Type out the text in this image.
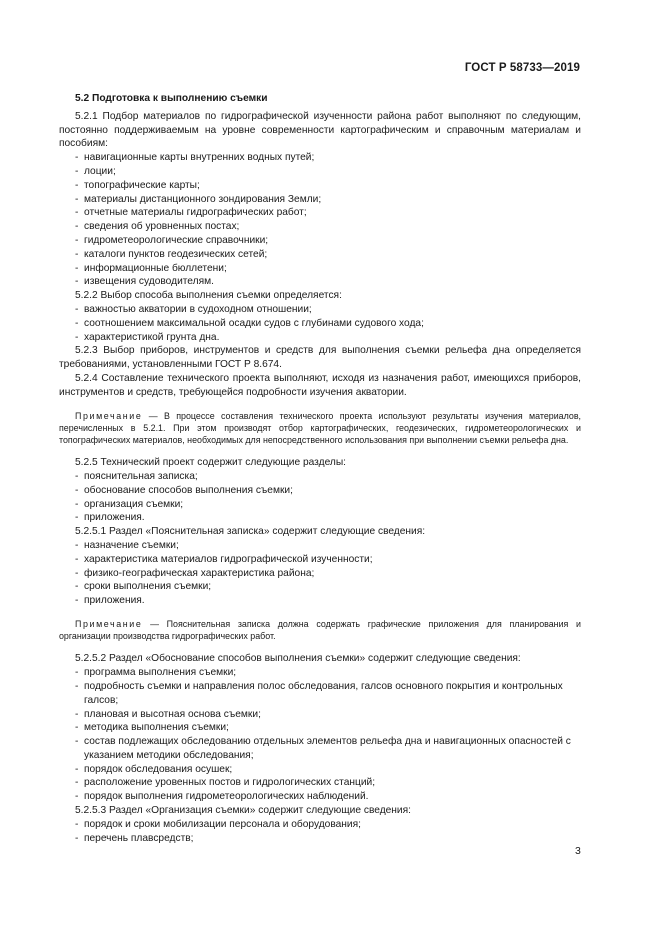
ГОСТ Р 58733—2019
5.2 Подготовка к выполнению съемки
5.2.1 Подбор материалов по гидрографической изученности района работ выполняют по следующим, постоянно поддерживаемым на уровне современности картографическим и справочным материалам и пособиям:
- навигационные карты внутренних водных путей;
- лоции;
- топографические карты;
- материалы дистанционного зондирования Земли;
- отчетные материалы гидрографических работ;
- сведения об уровненных постах;
- гидрометеорологические справочники;
- каталоги пунктов геодезических сетей;
- информационные бюллетени;
- извещения судоводителям.
5.2.2 Выбор способа выполнения съемки определяется:
- важностью акватории в судоходном отношении;
- соотношением максимальной осадки судов с глубинами судового хода;
- характеристикой грунта дна.
5.2.3 Выбор приборов, инструментов и средств для выполнения съемки рельефа дна определяется требованиями, установленными ГОСТ Р 8.674.
5.2.4 Составление технического проекта выполняют, исходя из назначения работ, имеющихся приборов, инструментов и средств, требующейся подробности изучения акватории.
Примечание — В процессе составления технического проекта используют результаты изучения материалов, перечисленных в 5.2.1. При этом производят отбор картографических, геодезических, гидрометеорологических и топографических материалов, необходимых для непосредственного использования при выполнении съемки рельефа дна.
5.2.5 Технический проект содержит следующие разделы:
- пояснительная записка;
- обоснование способов выполнения съемки;
- организация съемки;
- приложения.
5.2.5.1 Раздел «Пояснительная записка» содержит следующие сведения:
- назначение съемки;
- характеристика материалов гидрографической изученности;
- физико-географическая характеристика района;
- сроки выполнения съемки;
- приложения.
Примечание — Пояснительная записка должна содержать графические приложения для планирования и организации производства гидрографических работ.
5.2.5.2 Раздел «Обоснование способов выполнения съемки» содержит следующие сведения:
- программа выполнения съемки;
- подробность съемки и направления полос обследования, галсов основного покрытия и контрольных галсов;
- плановая и высотная основа съемки;
- методика выполнения съемки;
- состав подлежащих обследованию отдельных элементов рельефа дна и навигационных опасностей с указанием методики обследования;
- порядок обследования осушек;
- расположение уровенных постов и гидрологических станций;
- порядок выполнения гидрометеорологических наблюдений.
5.2.5.3 Раздел «Организация съемки» содержит следующие сведения:
- порядок и сроки мобилизации персонала и оборудования;
- перечень плавсредств;
3
